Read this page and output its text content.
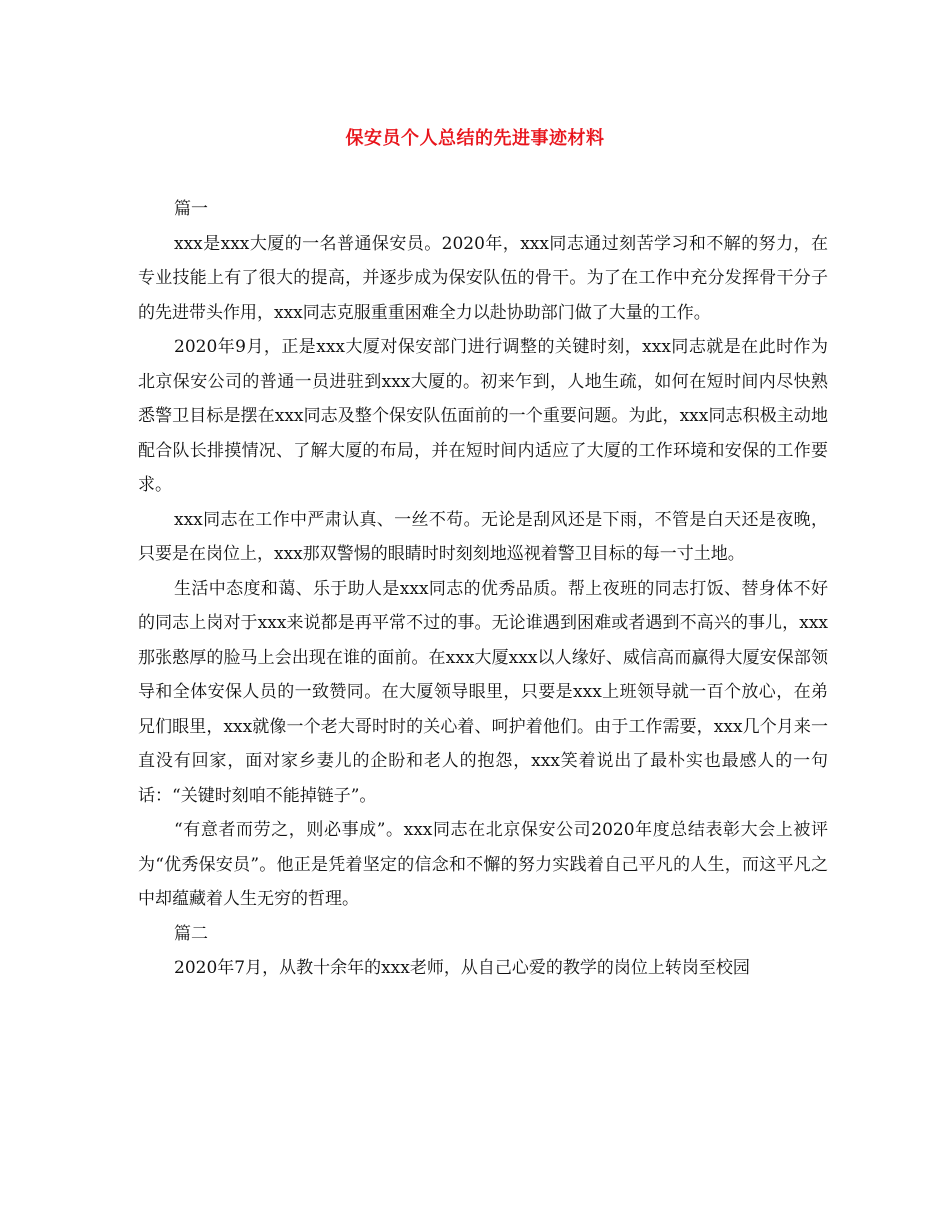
保安员个人总结的先进事迹材料

篇一

xxx是xxx大厦的一名普通保安员。2020年，xxx同志通过刻苦学习和不解的努力，在专业技能上有了很大的提高，并逐步成为保安队伍的骨干。为了在工作中充分发挥骨干分子的先进带头作用，xxx同志克服重重困难全力以赴协助部门做了大量的工作。

2020年9月，正是xxx大厦对保安部门进行调整的关键时刻，xxx同志就是在此时作为北京保安公司的普通一员进驻到xxx大厦的。初来乍到，人地生疏，如何在短时间内尽快熟悉警卫目标是摆在xxx同志及整个保安队伍面前的一个重要问题。为此，xxx同志积极主动地配合队长排摸情况、了解大厦的布局，并在短时间内适应了大厦的工作环境和安保的工作要求。

xxx同志在工作中严肃认真、一丝不苟。无论是刮风还是下雨，不管是白天还是夜晚，只要是在岗位上，xxx那双警惕的眼睛时时刻刻地巡视着警卫目标的每一寸土地。

生活中态度和蔼、乐于助人是xxx同志的优秀品质。帮上夜班的同志打饭、替身体不好的同志上岗对于xxx来说都是再平常不过的事。无论谁遇到困难或者遇到不高兴的事儿，xxx那张憨厚的脸马上会出现在谁的面前。在xxx大厦xxx以人缘好、威信高而赢得大厦安保部领导和全体安保人员的一致赞同。在大厦领导眼里，只要是xxx上班领导就一百个放心，在弟兄们眼里，xxx就像一个老大哥时时的关心着、呵护着他们。由于工作需要，xxx几个月来一直没有回家，面对家乡妻儿的企盼和老人的抱怨，xxx笑着说出了最朴实也最感人的一句话：“关键时刻咱不能掉链子”。

“有意者而劳之，则必事成”。xxx同志在北京保安公司2020年度总结表彰大会上被评为“优秀保安员”。他正是凭着坚定的信念和不懈的努力实践着自己平凡的人生，而这平凡之中却蕴藏着人生无穷的哲理。

篇二

2020年7月，从教十余年的xxx老师，从自己心爱的教学的岗位上转岗至校园
